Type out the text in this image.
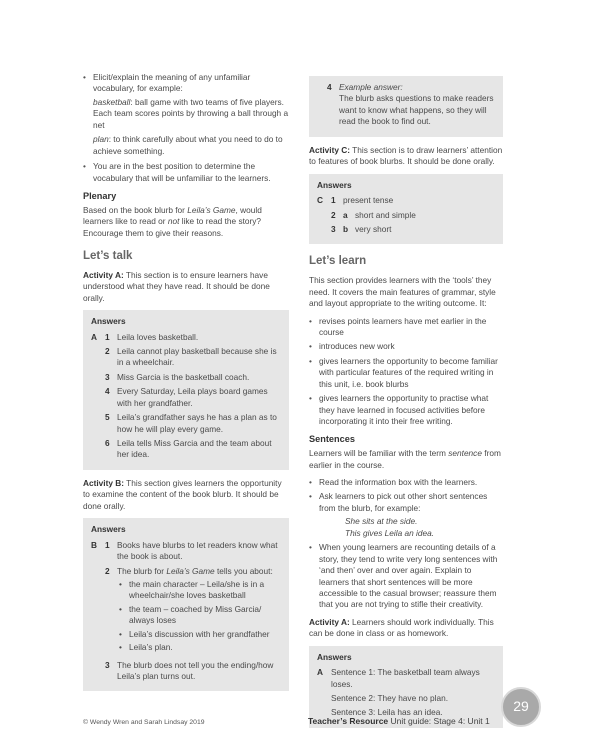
• Elicit/explain the meaning of any unfamiliar vocabulary, for example:
basketball: ball game with two teams of five players. Each team scores points by throwing a ball through a net
plan: to think carefully about what you need to do to achieve something.
• You are in the best position to determine the vocabulary that will be unfamiliar to the learners.
Plenary

Based on the book blurb for Leila’s Game, would learners like to read or not like to read the story? Encourage them to give their reasons.

Let’s talk

Activity A: This section is to ensure learners have understood what they have read. It should be done orally.

Answers
A 1 Leila loves basketball.
2 Leila cannot play basketball because she is in a wheelchair.
3 Miss Garcia is the basketball coach.
4 Every Saturday, Leila plays board games with her grandfather.
5 Leila’s grandfather says he has a plan as to how he will play every game.
6 Leila tells Miss Garcia and the team about her idea.

Activity B: This section gives learners the opportunity to examine the content of the book blurb. It should be done orally.

Answers
B 1 Books have blurbs to let readers know what the book is about.
2 The blurb for Leila’s Game tells you about:
• the main character – Leila/she is in a wheelchair/she loves basketball
• the team – coached by Miss Garcia/ always loses
• Leila’s discussion with her grandfather
• Leila’s plan.
3 The blurb does not tell you the ending/how Leila’s plan turns out.
4 Example answer:
The blurb asks questions to make readers want to know what happens, so they will read the book to find out.

Activity C: This section is to draw learners’ attention to features of book blurbs. It should be done orally.

Answers
C 1 present tense
2 a short and simple
3 b very short
Let’s learn

This section provides learners with the ‘tools’ they need. It covers the main features of grammar, style and layout appropriate to the writing outcome. It:

• revises points learners have met earlier in the course
• introduces new work
• gives learners the opportunity to become familiar with particular features of the required writing in this unit, i.e. book blurbs
• gives learners the opportunity to practise what they have learned in focused activities before incorporating it into their free writing.
Sentences

Learners will be familiar with the term sentence from earlier in the course.

• Read the information box with the learners.
• Ask learners to pick out other short sentences from the blurb, for example:
She sits at the side.
This gives Leila an idea.
• When young learners are recounting details of a story, they tend to write very long sentences with ‘and then’ over and over again. Explain to learners that short sentences will be more accessible to the casual browser; reassure them that you are not trying to stifle their creativity.

Activity A: Learners should work individually. This can be done in class or as homework.

Answers
A Sentence 1: The basketball team always loses.
Sentence 2: They have no plan.
Sentence 3: Leila has an idea.
© Wendy Wren and Sarah Lindsay 2019	Teacher’s Resource Unit guide: Stage 4: Unit 1
29
